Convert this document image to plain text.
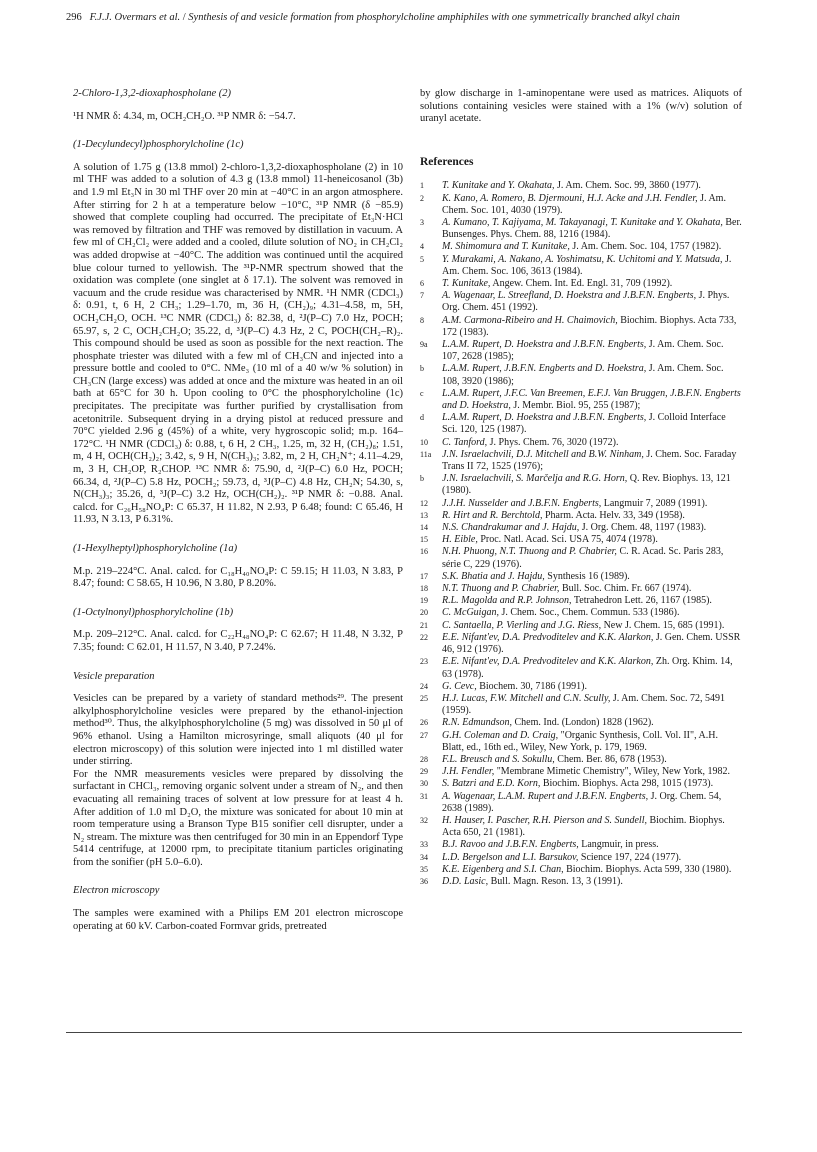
296 F.J.J. Overmars et al. / Synthesis of and vesicle formation from phosphorylcholine amphiphiles with one symmetrically branched alkyl chain

2-Chloro-1,3,2-dioxaphospholane (2)

¹H NMR δ: 4.34, m, OCH₂CH₂O. ³¹P NMR δ: −54.7.

(1-Decylundecyl)phosphorylcholine (1c)

A solution of 1.75 g (13.8 mmol) 2-chloro-1,3,2-dioxaphospholane (2) in 10 ml THF was added to a solution of 4.3 g (13.8 mmol) 11-heneicosanol (3b) and 1.9 ml Et₃N in 30 ml THF over 20 min at −40°C in an argon atmosphere. After stirring for 2 h at a temperature below −10°C, ³¹P NMR (δ −85.9) showed that complete coupling had occurred. The precipitate of Et₃N·HCl was removed by filtration and THF was removed by distillation in vacuum. A few ml of CH₂Cl₂ were added and a cooled, dilute solution of NO₂ in CH₂Cl₂ was added dropwise at −40°C. The addition was continued until the acquired blue colour turned to yellowish. The ³¹P-NMR spectrum showed that the oxidation was complete (one singlet at δ 17.1). The solvent was removed in vacuum and the crude residue was characterised by NMR. ¹H NMR (CDCl₃) δ: 0.91, t, 6 H, 2 CH₃; 1.29–1.70, m, 36 H, (CH₂)₉; 4.31–4.58, m, 5H, OCH₂CH₂O, OCH. ¹³C NMR (CDCl₃) δ: 82.38, d, ²J(P–C) 7.0 Hz, POCH; 65.97, s, 2 C, OCH₂CH₂O; 35.22, d, ³J(P–C) 4.3 Hz, 2 C, POCH(CH₂–R)₂. This compound should be used as soon as possible for the next reaction. The phosphate triester was diluted with a few ml of CH₃CN and injected into a pressure bottle and cooled to 0°C. NMe₃ (10 ml of a 40 w/w % solution) in CH₃CN (large excess) was added at once and the mixture was heated in an oil bath at 65°C for 30 h. Upon cooling to 0°C the phosphorylcholine (1c) precipitates. The precipitate was further purified by crystallisation from acetonitrile. Subsequent drying in a drying pistol at reduced pressure and 70°C yielded 2.96 g (45%) of a white, very hygroscopic solid; m.p. 164–172°C. ¹H NMR (CDCl₃) δ: 0.88, t, 6 H, 2 CH₃, 1.25, m, 32 H, (CH₂)₈; 1.51, m, 4 H, OCH(CH₂)₂; 3.42, s, 9 H, N(CH₃)₃; 3.82, m, 2 H, CH₂N⁺; 4.11–4.29, m, 3 H, CH₂OP, R₂CHOP. ¹³C NMR δ: 75.90, d, ²J(P–C) 6.0 Hz, POCH; 66.34, d, ²J(P–C) 5.8 Hz, POCH₂; 59.73, d, ³J(P–C) 4.8 Hz, CH₂N; 54.30, s, N(CH₃)₃; 35.26, d, ³J(P–C) 3.2 Hz, OCH(CH₂)₂. ³¹P NMR δ: −0.88. Anal. calcd. for C₂₆H₅₈NO₄P: C 65.37, H 11.82, N 2.93, P 6.48; found: C 65.46, H 11.93, N 3.13, P 6.31%.

(1-Hexylheptyl)phosphorylcholine (1a)

M.p. 219–224°C. Anal. calcd. for C₁₈H₄₀NO₄P: C 59.15; H 11.03, N 3.83, P 8.47; found: C 58.65, H 10.96, N 3.80, P 8.20%.

(1-Octylnonyl)phosphorylcholine (1b)

M.p. 209–212°C. Anal. calcd. for C₂₂H₄₈NO₄P: C 62.67; H 11.48, N 3.32, P 7.35; found: C 62.01, H 11.57, N 3.40, P 7.24%.

Vesicle preparation

Vesicles can be prepared by a variety of standard methods²⁹. The present alkylphosphorylcholine vesicles were prepared by the ethanol-injection method³⁰. Thus, the alkylphosphorylcholine (5 mg) was dissolved in 50 μl of 96% ethanol. Using a Hamilton microsyringe, small aliquots (40 μl for electron microscopy) of this solution were injected into 1 ml distilled water under stirring.

For the NMR measurements vesicles were prepared by dissolving the surfactant in CHCl₃, removing organic solvent under a stream of N₂, and then evacuating all remaining traces of solvent at low pressure for at least 4 h. After addition of 1.0 ml D₂O, the mixture was sonicated for about 10 min at room temperature using a Branson Type B15 sonifier cell disrupter, under a N₂ stream. The mixture was then centrifuged for 30 min in an Eppendorf Type 5414 centrifuge, at 12000 rpm, to precipitate titanium particles originating from the sonifier (pH 5.0–6.0).

Electron microscopy

The samples were examined with a Philips EM 201 electron microscope operating at 60 kV. Carbon-coated Formvar grids, pretreated

by glow discharge in 1-aminopentane were used as matrices. Aliquots of solutions containing vesicles were stained with a 1% (w/v) solution of uranyl acetate.

References

1 T. Kunitake and Y. Okahata, J. Am. Chem. Soc. 99, 3860 (1977).

2 K. Kano, A. Romero, B. Djermouni, H.J. Acke and J.H. Fendler, J. Am. Chem. Soc. 101, 4030 (1979).

3 A. Kumano, T. Kajiyama, M. Takayanagi, T. Kunitake and Y. Okahata, Ber. Bunsenges. Phys. Chem. 88, 1216 (1984).

4 M. Shimomura and T. Kunitake, J. Am. Chem. Soc. 104, 1757 (1982).

5 Y. Murakami, A. Nakano, A. Yoshimatsu, K. Uchitomi and Y. Matsuda, J. Am. Chem. Soc. 106, 3613 (1984).

6 T. Kunitake, Angew. Chem. Int. Ed. Engl. 31, 709 (1992).

7 A. Wagenaar, L. Streefland, D. Hoekstra and J.B.F.N. Engberts, J. Phys. Org. Chem. 451 (1992).

8 A.M. Carmona-Ribeiro and H. Chaimovich, Biochim. Biophys. Acta 733, 172 (1983).

9a L.A.M. Rupert, D. Hoekstra and J.B.F.N. Engberts, J. Am. Chem. Soc. 107, 2628 (1985);

b L.A.M. Rupert, J.B.F.N. Engberts and D. Hoekstra, J. Am. Chem. Soc. 108, 3920 (1986);

c L.A.M. Rupert, J.F.C. Van Breemen, E.F.J. Van Bruggen, J.B.F.N. Engberts and D. Hoekstra, J. Membr. Biol. 95, 255 (1987);

d L.A.M. Rupert, D. Hoekstra and J.B.F.N. Engberts, J. Colloid Interface Sci. 120, 125 (1987).

10 C. Tanford, J. Phys. Chem. 76, 3020 (1972).

11a J.N. Israelachvili, D.J. Mitchell and B.W. Ninham, J. Chem. Soc. Faraday Trans II 72, 1525 (1976);

b J.N. Israelachvili, S. Marčelja and R.G. Horn, Q. Rev. Biophys. 13, 121 (1980).

12 J.J.H. Nusselder and J.B.F.N. Engberts, Langmuir 7, 2089 (1991).

13 R. Hirt and R. Berchtold, Pharm. Acta. Helv. 33, 349 (1958).

14 N.S. Chandrakumar and J. Hajdu, J. Org. Chem. 48, 1197 (1983).

15 H. Eible, Proc. Natl. Acad. Sci. USA 75, 4074 (1978).

16 N.H. Phuong, N.T. Thuong and P. Chabrier, C. R. Acad. Sc. Paris 283, série C, 229 (1976).

17 S.K. Bhatia and J. Hajdu, Synthesis 16 (1989).

18 N.T. Thuong and P. Chabrier, Bull. Soc. Chim. Fr. 667 (1974).

19 R.L. Magolda and R.P. Johnson, Tetrahedron Lett. 26, 1167 (1985).

20 C. McGuigan, J. Chem. Soc., Chem. Commun. 533 (1986).

21 C. Santaella, P. Vierling and J.G. Riess, New J. Chem. 15, 685 (1991).

22 E.E. Nifant'ev, D.A. Predvoditelev and K.K. Alarkon, J. Gen. Chem. USSR 46, 912 (1976).

23 E.E. Nifant'ev, D.A. Predvoditelev and K.K. Alarkon, Zh. Org. Khim. 14, 63 (1978).

24 G. Cevc, Biochem. 30, 7186 (1991).

25 H.J. Lucas, F.W. Mitchell and C.N. Scully, J. Am. Chem. Soc. 72, 5491 (1959).

26 R.N. Edmundson, Chem. Ind. (London) 1828 (1962).

27 G.H. Coleman and D. Craig, "Organic Synthesis, Coll. Vol. II", A.H. Blatt, ed., 16th ed., Wiley, New York, p. 179, 1969.

28 F.L. Breusch and S. Sokullu, Chem. Ber. 86, 678 (1953).

29 J.H. Fendler, "Membrane Mimetic Chemistry", Wiley, New York, 1982.

30 S. Batzri and E.D. Korn, Biochim. Biophys. Acta 298, 1015 (1973).

31 A. Wagenaar, L.A.M. Rupert and J.B.F.N. Engberts, J. Org. Chem. 54, 2638 (1989).

32 H. Hauser, I. Pascher, R.H. Pierson and S. Sundell, Biochim. Biophys. Acta 650, 21 (1981).

33 B.J. Ravoo and J.B.F.N. Engberts, Langmuir, in press.

34 L.D. Bergelson and L.I. Barsukov, Science 197, 224 (1977).

35 K.E. Eigenberg and S.I. Chan, Biochim. Biophys. Acta 599, 330 (1980).

36 D.D. Lasic, Bull. Magn. Reson. 13, 3 (1991).
